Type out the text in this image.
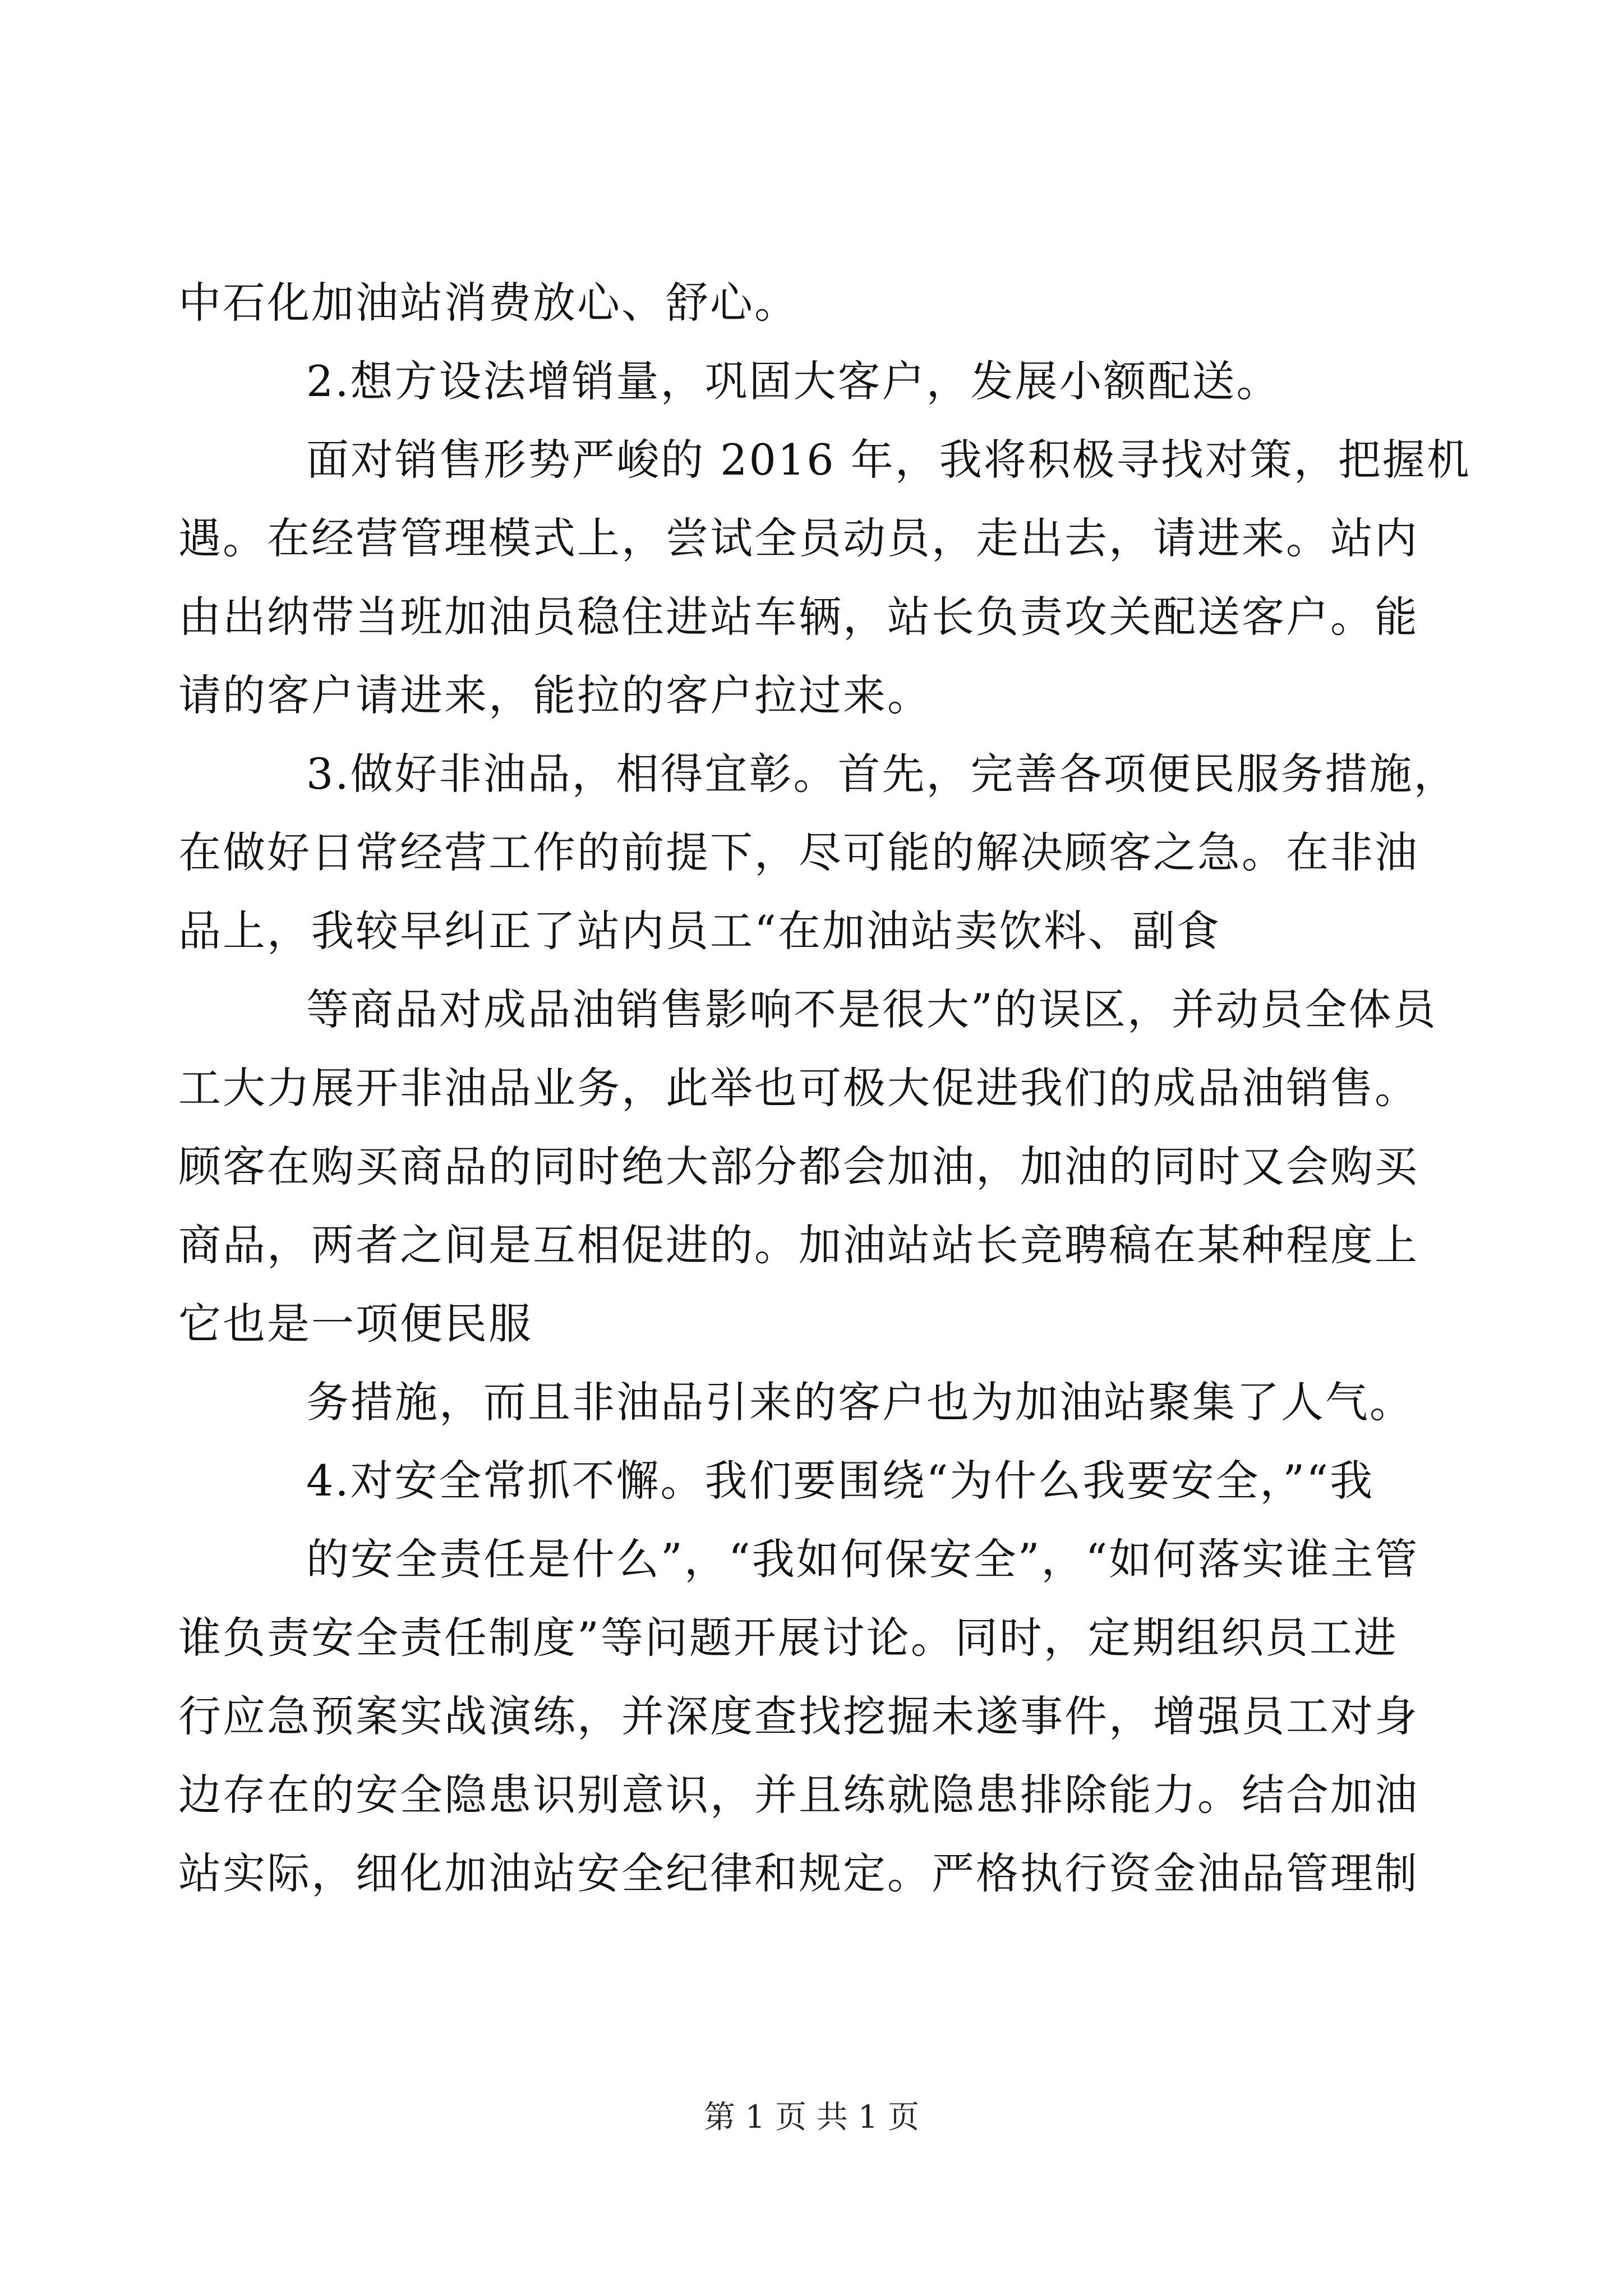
中石化加油站消费放心、舒心。
2.想方设法增销量，巩固大客户，发展小额配送。
面对销售形势严峻的 2016 年，我将积极寻找对策，把握机
遇。在经营管理模式上，尝试全员动员，走出去，请进来。站内
由出纳带当班加油员稳住进站车辆，站长负责攻关配送客户。能
请的客户请进来，能拉的客户拉过来。
3.做好非油品，相得宜彰。首先，完善各项便民服务措施，
在做好日常经营工作的前提下，尽可能的解决顾客之急。在非油
品上，我较早纠正了站内员工“在加油站卖饮料、副食
等商品对成品油销售影响不是很大”的误区，并动员全体员
工大力展开非油品业务，此举也可极大促进我们的成品油销售。
顾客在购买商品的同时绝大部分都会加油，加油的同时又会购买
商品，两者之间是互相促进的。加油站站长竞聘稿在某种程度上
它也是一项便民服
务措施，而且非油品引来的客户也为加油站聚集了人气。
4.对安全常抓不懈。我们要围绕“为什么我要安全，”“我
的安全责任是什么”，“我如何保安全”，“如何落实谁主管
谁负责安全责任制度”等问题开展讨论。同时，定期组织员工进
行应急预案实战演练，并深度查找挖掘未遂事件，增强员工对身
边存在的安全隐患识别意识，并且练就隐患排除能力。结合加油
站实际，细化加油站安全纪律和规定。严格执行资金油品管理制
第 1 页 共 1 页
